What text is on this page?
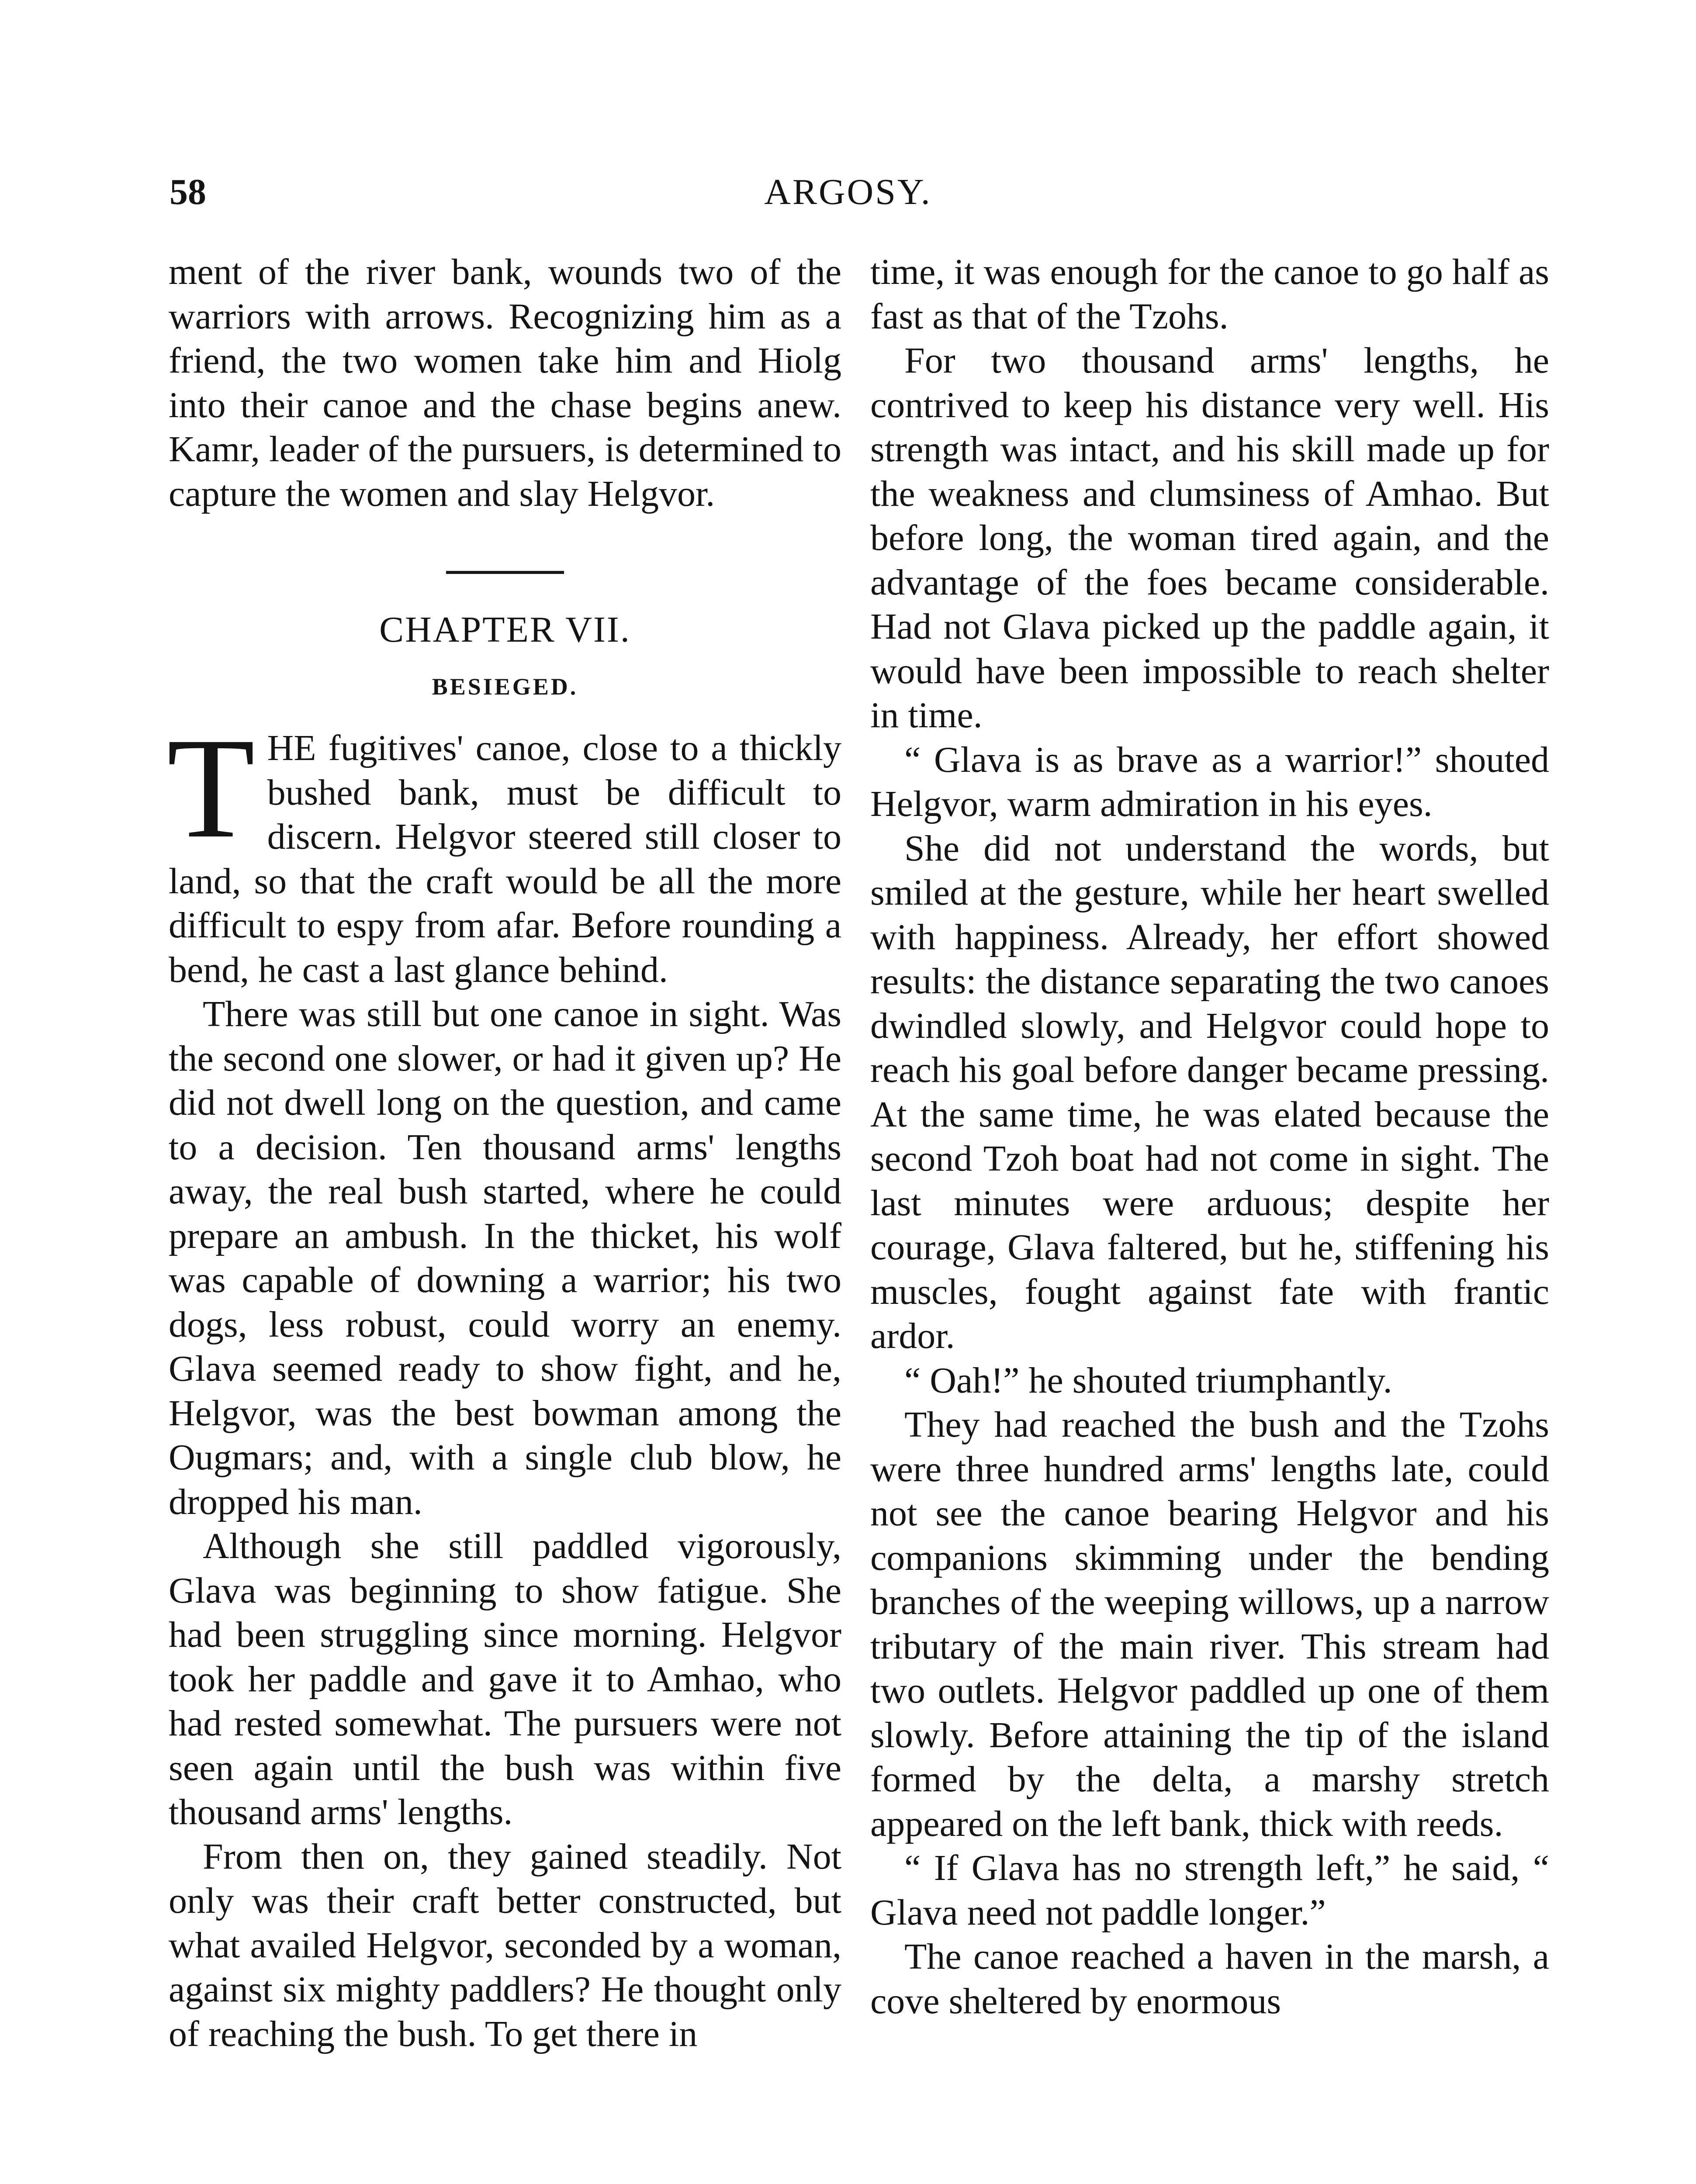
58	ARGOSY.

ment of the river bank, wounds two of the warriors with arrows. Recognizing him as a friend, the two women take him and Hiolg into their canoe and the chase begins anew. Kamr, leader of the pursuers, is determined to capture the women and slay Helgvor.

CHAPTER VII.
BESIEGED.

THE fugitives' canoe, close to a thickly bushed bank, must be difficult to discern. Helgvor steered still closer to land, so that the craft would be all the more difficult to espy from afar. Before rounding a bend, he cast a last glance behind.

There was still but one canoe in sight. Was the second one slower, or had it given up? He did not dwell long on the question, and came to a decision. Ten thousand arms' lengths away, the real bush started, where he could prepare an ambush. In the thicket, his wolf was capable of downing a warrior; his two dogs, less robust, could worry an enemy. Glava seemed ready to show fight, and he, Helgvor, was the best bowman among the Ougmars; and, with a single club blow, he dropped his man.

Although she still paddled vigorously, Glava was beginning to show fatigue. She had been struggling since morning. Helgvor took her paddle and gave it to Amhao, who had rested somewhat. The pursuers were not seen again until the bush was within five thousand arms' lengths.

From then on, they gained steadily. Not only was their craft better constructed, but what availed Helgvor, seconded by a woman, against six mighty paddlers? He thought only of reaching the bush. To get there in

time, it was enough for the canoe to go half as fast as that of the Tzohs.

For two thousand arms' lengths, he contrived to keep his distance very well. His strength was intact, and his skill made up for the weakness and clumsiness of Amhao. But before long, the woman tired again, and the advantage of the foes became considerable. Had not Glava picked up the paddle again, it would have been impossible to reach shelter in time.

“ Glava is as brave as a warrior!” shouted Helgvor, warm admiration in his eyes.

She did not understand the words, but smiled at the gesture, while her heart swelled with happiness. Already, her effort showed results: the distance separating the two canoes dwindled slowly, and Helgvor could hope to reach his goal before danger became pressing. At the same time, he was elated because the second Tzoh boat had not come in sight. The last minutes were arduous; despite her courage, Glava faltered, but he, stiffening his muscles, fought against fate with frantic ardor.

“ Oah!” he shouted triumphantly.

They had reached the bush and the Tzohs were three hundred arms' lengths late, could not see the canoe bearing Helgvor and his companions skimming under the bending branches of the weeping willows, up a narrow tributary of the main river. This stream had two outlets. Helgvor paddled up one of them slowly. Before attaining the tip of the island formed by the delta, a marshy stretch appeared on the left bank, thick with reeds.

“ If Glava has no strength left,” he said, “ Glava need not paddle longer.”

The canoe reached a haven in the marsh, a cove sheltered by enormous
